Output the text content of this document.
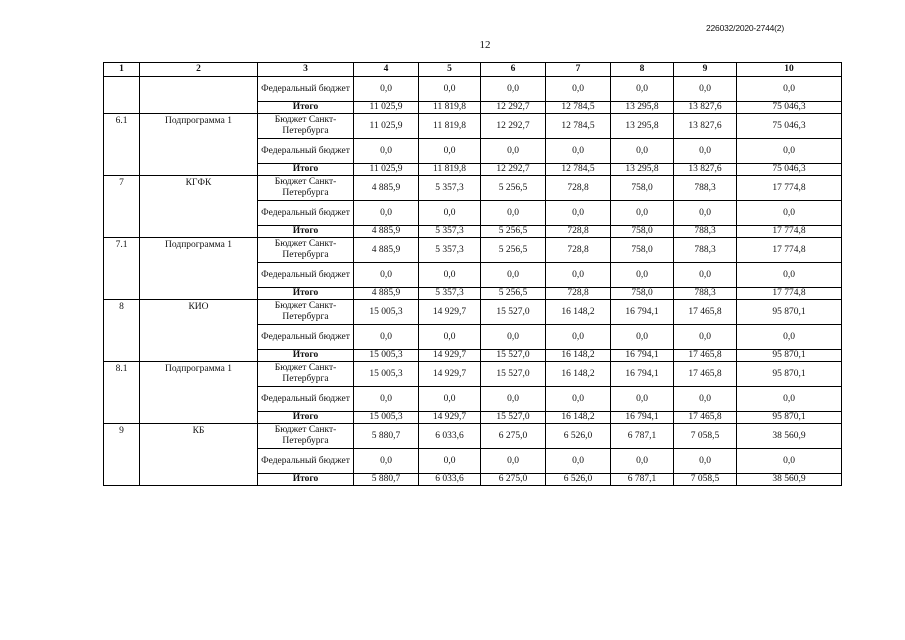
226032/2020-2744(2)
12
1	2	3	4	5	6	7	8	9	10
		Федеральный бюджет	0,0	0,0	0,0	0,0	0,0	0,0	0,0
		Итого	11 025,9	11 819,8	12 292,7	12 784,5	13 295,8	13 827,6	75 046,3
6.1	Подпрограмма 1	Бюджет Санкт-Петербурга	11 025,9	11 819,8	12 292,7	12 784,5	13 295,8	13 827,6	75 046,3
		Федеральный бюджет	0,0	0,0	0,0	0,0	0,0	0,0	0,0
		Итого	11 025,9	11 819,8	12 292,7	12 784,5	13 295,8	13 827,6	75 046,3
7	КГФК	Бюджет Санкт-Петербурга	4 885,9	5 357,3	5 256,5	728,8	758,0	788,3	17 774,8
		Федеральный бюджет	0,0	0,0	0,0	0,0	0,0	0,0	0,0
		Итого	4 885,9	5 357,3	5 256,5	728,8	758,0	788,3	17 774,8
7.1	Подпрограмма 1	Бюджет Санкт-Петербурга	4 885,9	5 357,3	5 256,5	728,8	758,0	788,3	17 774,8
		Федеральный бюджет	0,0	0,0	0,0	0,0	0,0	0,0	0,0
		Итого	4 885,9	5 357,3	5 256,5	728,8	758,0	788,3	17 774,8
8	КИО	Бюджет Санкт-Петербурга	15 005,3	14 929,7	15 527,0	16 148,2	16 794,1	17 465,8	95 870,1
		Федеральный бюджет	0,0	0,0	0,0	0,0	0,0	0,0	0,0
		Итого	15 005,3	14 929,7	15 527,0	16 148,2	16 794,1	17 465,8	95 870,1
8.1	Подпрограмма 1	Бюджет Санкт-Петербурга	15 005,3	14 929,7	15 527,0	16 148,2	16 794,1	17 465,8	95 870,1
		Федеральный бюджет	0,0	0,0	0,0	0,0	0,0	0,0	0,0
		Итого	15 005,3	14 929,7	15 527,0	16 148,2	16 794,1	17 465,8	95 870,1
9	КБ	Бюджет Санкт-Петербурга	5 880,7	6 033,6	6 275,0	6 526,0	6 787,1	7 058,5	38 560,9
		Федеральный бюджет	0,0	0,0	0,0	0,0	0,0	0,0	0,0
		Итого	5 880,7	6 033,6	6 275,0	6 526,0	6 787,1	7 058,5	38 560,9
